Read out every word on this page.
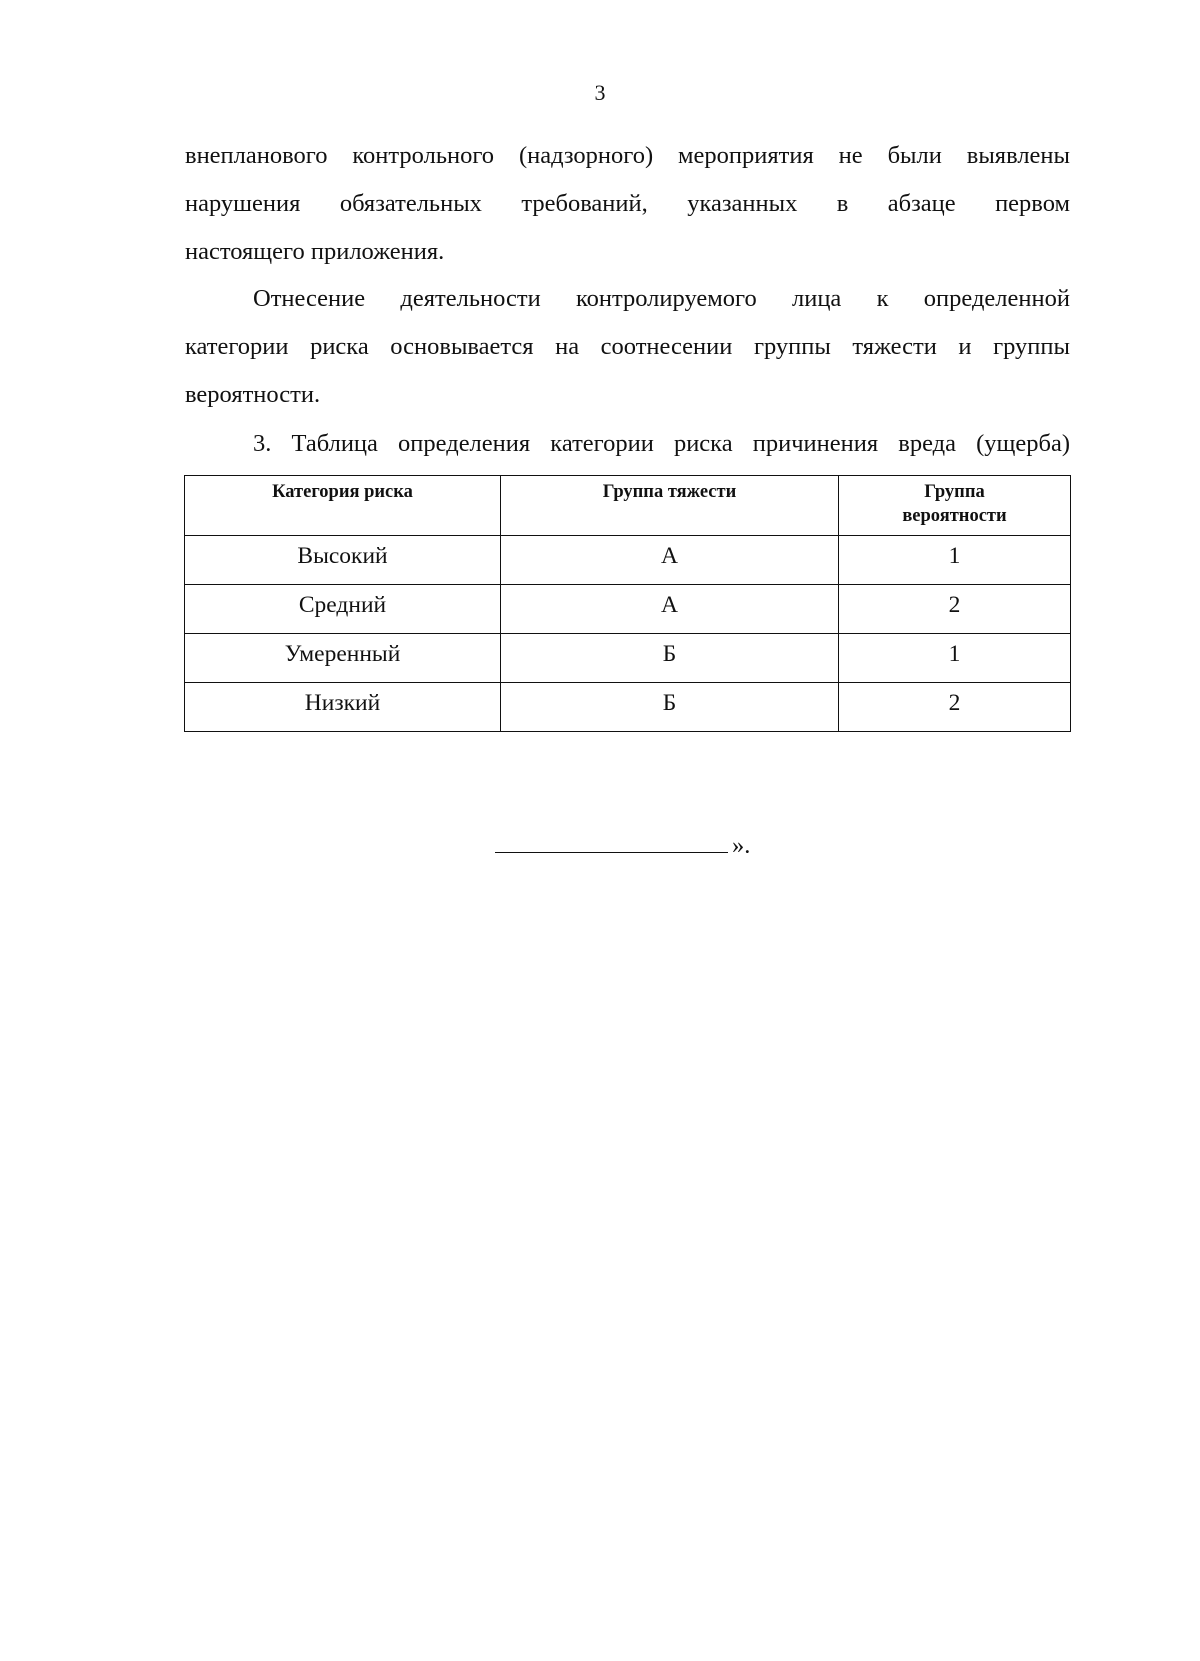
3
внепланового контрольного (надзорного) мероприятия не были выявлены
нарушения обязательных требований, указанных в абзаце первом
настоящего приложения.
Отнесение деятельности контролируемого лица к определенной
категории риска основывается на соотнесении группы тяжести и группы
вероятности.
3. Таблица определения категории риска причинения вреда (ущерба)
Категория риска	Группа тяжести	Группа вероятности
Высокий	А	1
Средний	А	2
Умеренный	Б	1
Низкий	Б	2
».
